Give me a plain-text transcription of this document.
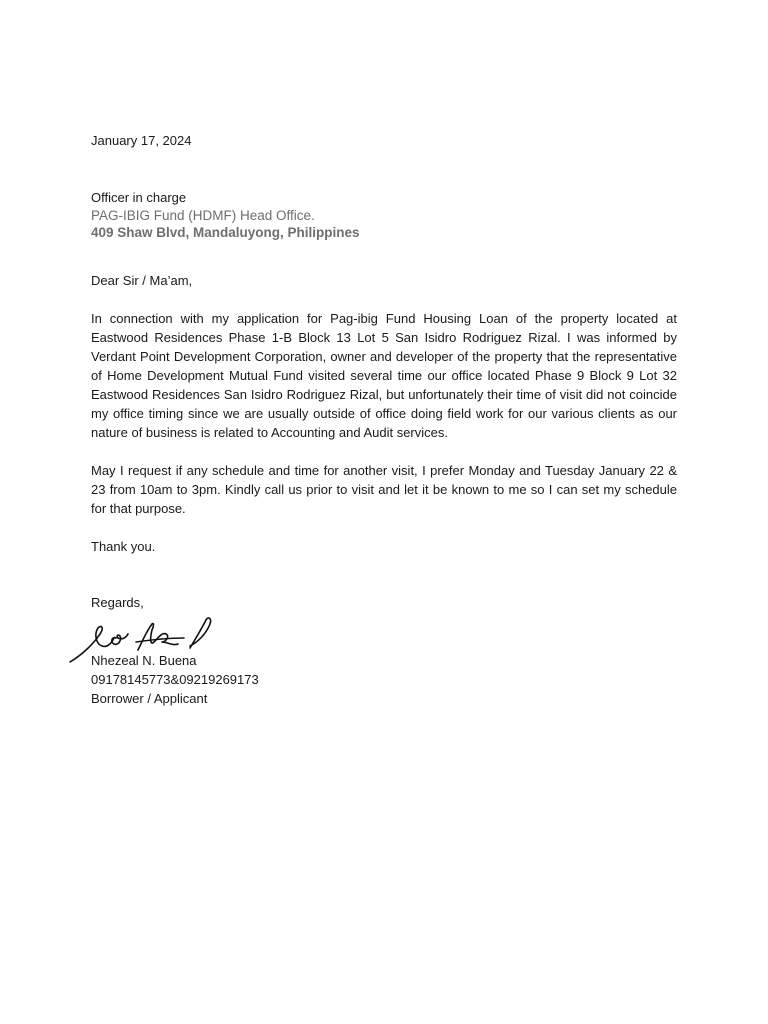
January 17, 2024
Officer in charge
PAG-IBIG Fund (HDMF) Head Office.
409 Shaw Blvd, Mandaluyong, Philippines
Dear Sir / Ma’am,

In connection with my application for Pag-ibig Fund Housing Loan of the property located at Eastwood Residences Phase 1-B Block 13 Lot 5 San Isidro Rodriguez Rizal. I was informed by Verdant Point Development Corporation, owner and developer of the property that the representative of Home Development Mutual Fund visited several time our office located Phase 9 Block 9 Lot 32 Eastwood Residences San Isidro Rodriguez Rizal, but unfortunately their time of visit did not coincide my office timing since we are usually outside of office doing field work for our various clients as our nature of business is related to Accounting and Audit services.

May I request if any schedule and time for another visit, I prefer Monday and Tuesday January 22 & 23 from 10am to 3pm. Kindly call us prior to visit and let it be known to me so I can set my schedule for that purpose.

Thank you.
Regards,
Nhezeal N. Buena
09178145773&09219269173
Borrower / Applicant
